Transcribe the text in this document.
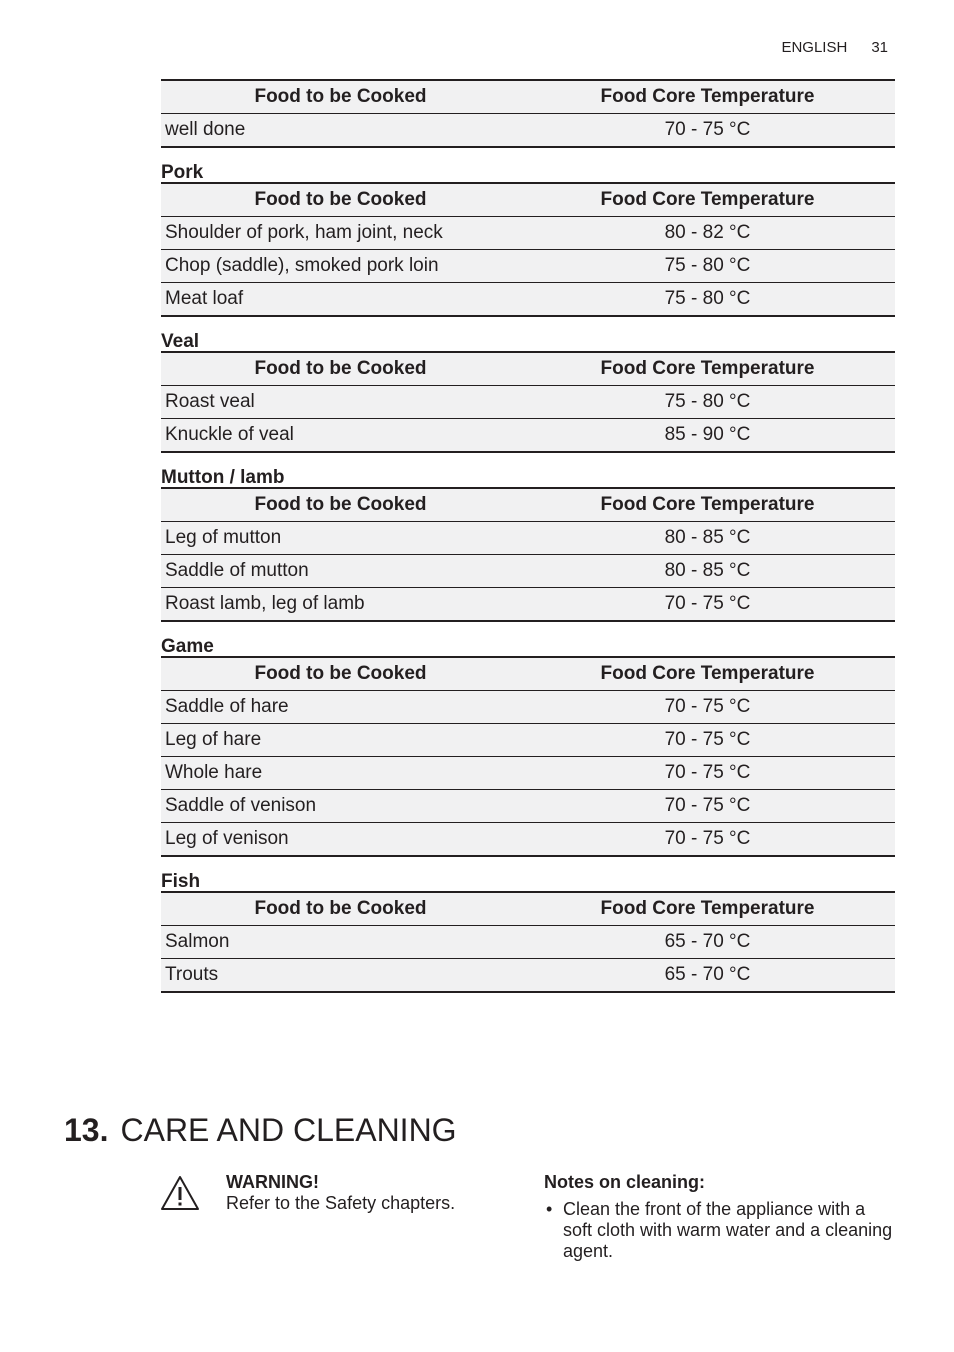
ENGLISH 31
Food to be Cooked	Food Core Temperature
well done	70 - 75 °C
Pork
Food to be Cooked	Food Core Temperature
Shoulder of pork, ham joint, neck	80 - 82 °C
Chop (saddle), smoked pork loin	75 - 80 °C
Meat loaf	75 - 80 °C
Veal
Food to be Cooked	Food Core Temperature
Roast veal	75 - 80 °C
Knuckle of veal	85 - 90 °C
Mutton / lamb
Food to be Cooked	Food Core Temperature
Leg of mutton	80 - 85 °C
Saddle of mutton	80 - 85 °C
Roast lamb, leg of lamb	70 - 75 °C
Game
Food to be Cooked	Food Core Temperature
Saddle of hare	70 - 75 °C
Leg of hare	70 - 75 °C
Whole hare	70 - 75 °C
Saddle of venison	70 - 75 °C
Leg of venison	70 - 75 °C
Fish
Food to be Cooked	Food Core Temperature
Salmon	65 - 70 °C
Trouts	65 - 70 °C
13. CARE AND CLEANING
WARNING!
Refer to the Safety chapters.
Notes on cleaning:
• Clean the front of the appliance with a soft cloth with warm water and a cleaning agent.
